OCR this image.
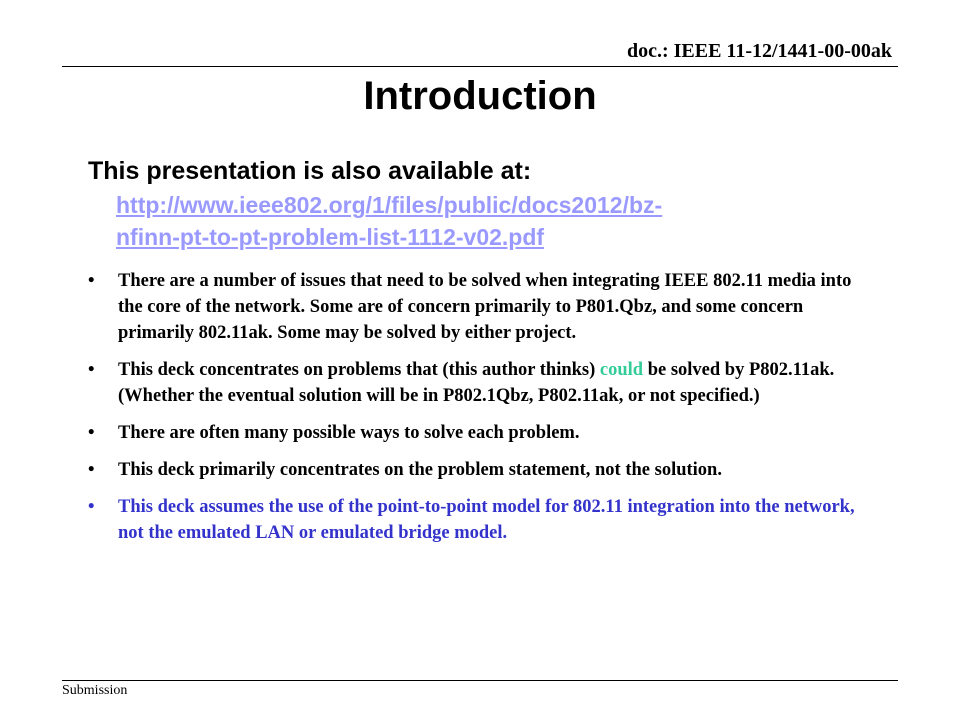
doc.: IEEE 11-12/1441-00-00ak
Introduction
This presentation is also available at:
http://www.ieee802.org/1/files/public/docs2012/bz-
nfinn-pt-to-pt-problem-list-1112-v02.pdf
• There are a number of issues that need to be solved when integrating IEEE 802.11 media into the core of the network. Some are of concern primarily to P801.Qbz, and some concern primarily 802.11ak. Some may be solved by either project.
• This deck concentrates on problems that (this author thinks) could be solved by P802.11ak. (Whether the eventual solution will be in P802.1Qbz, P802.11ak, or not specified.)
• There are often many possible ways to solve each problem.
• This deck primarily concentrates on the problem statement, not the solution.
• This deck assumes the use of the point-to-point model for 802.11 integration into the network, not the emulated LAN or emulated bridge model.
Submission
